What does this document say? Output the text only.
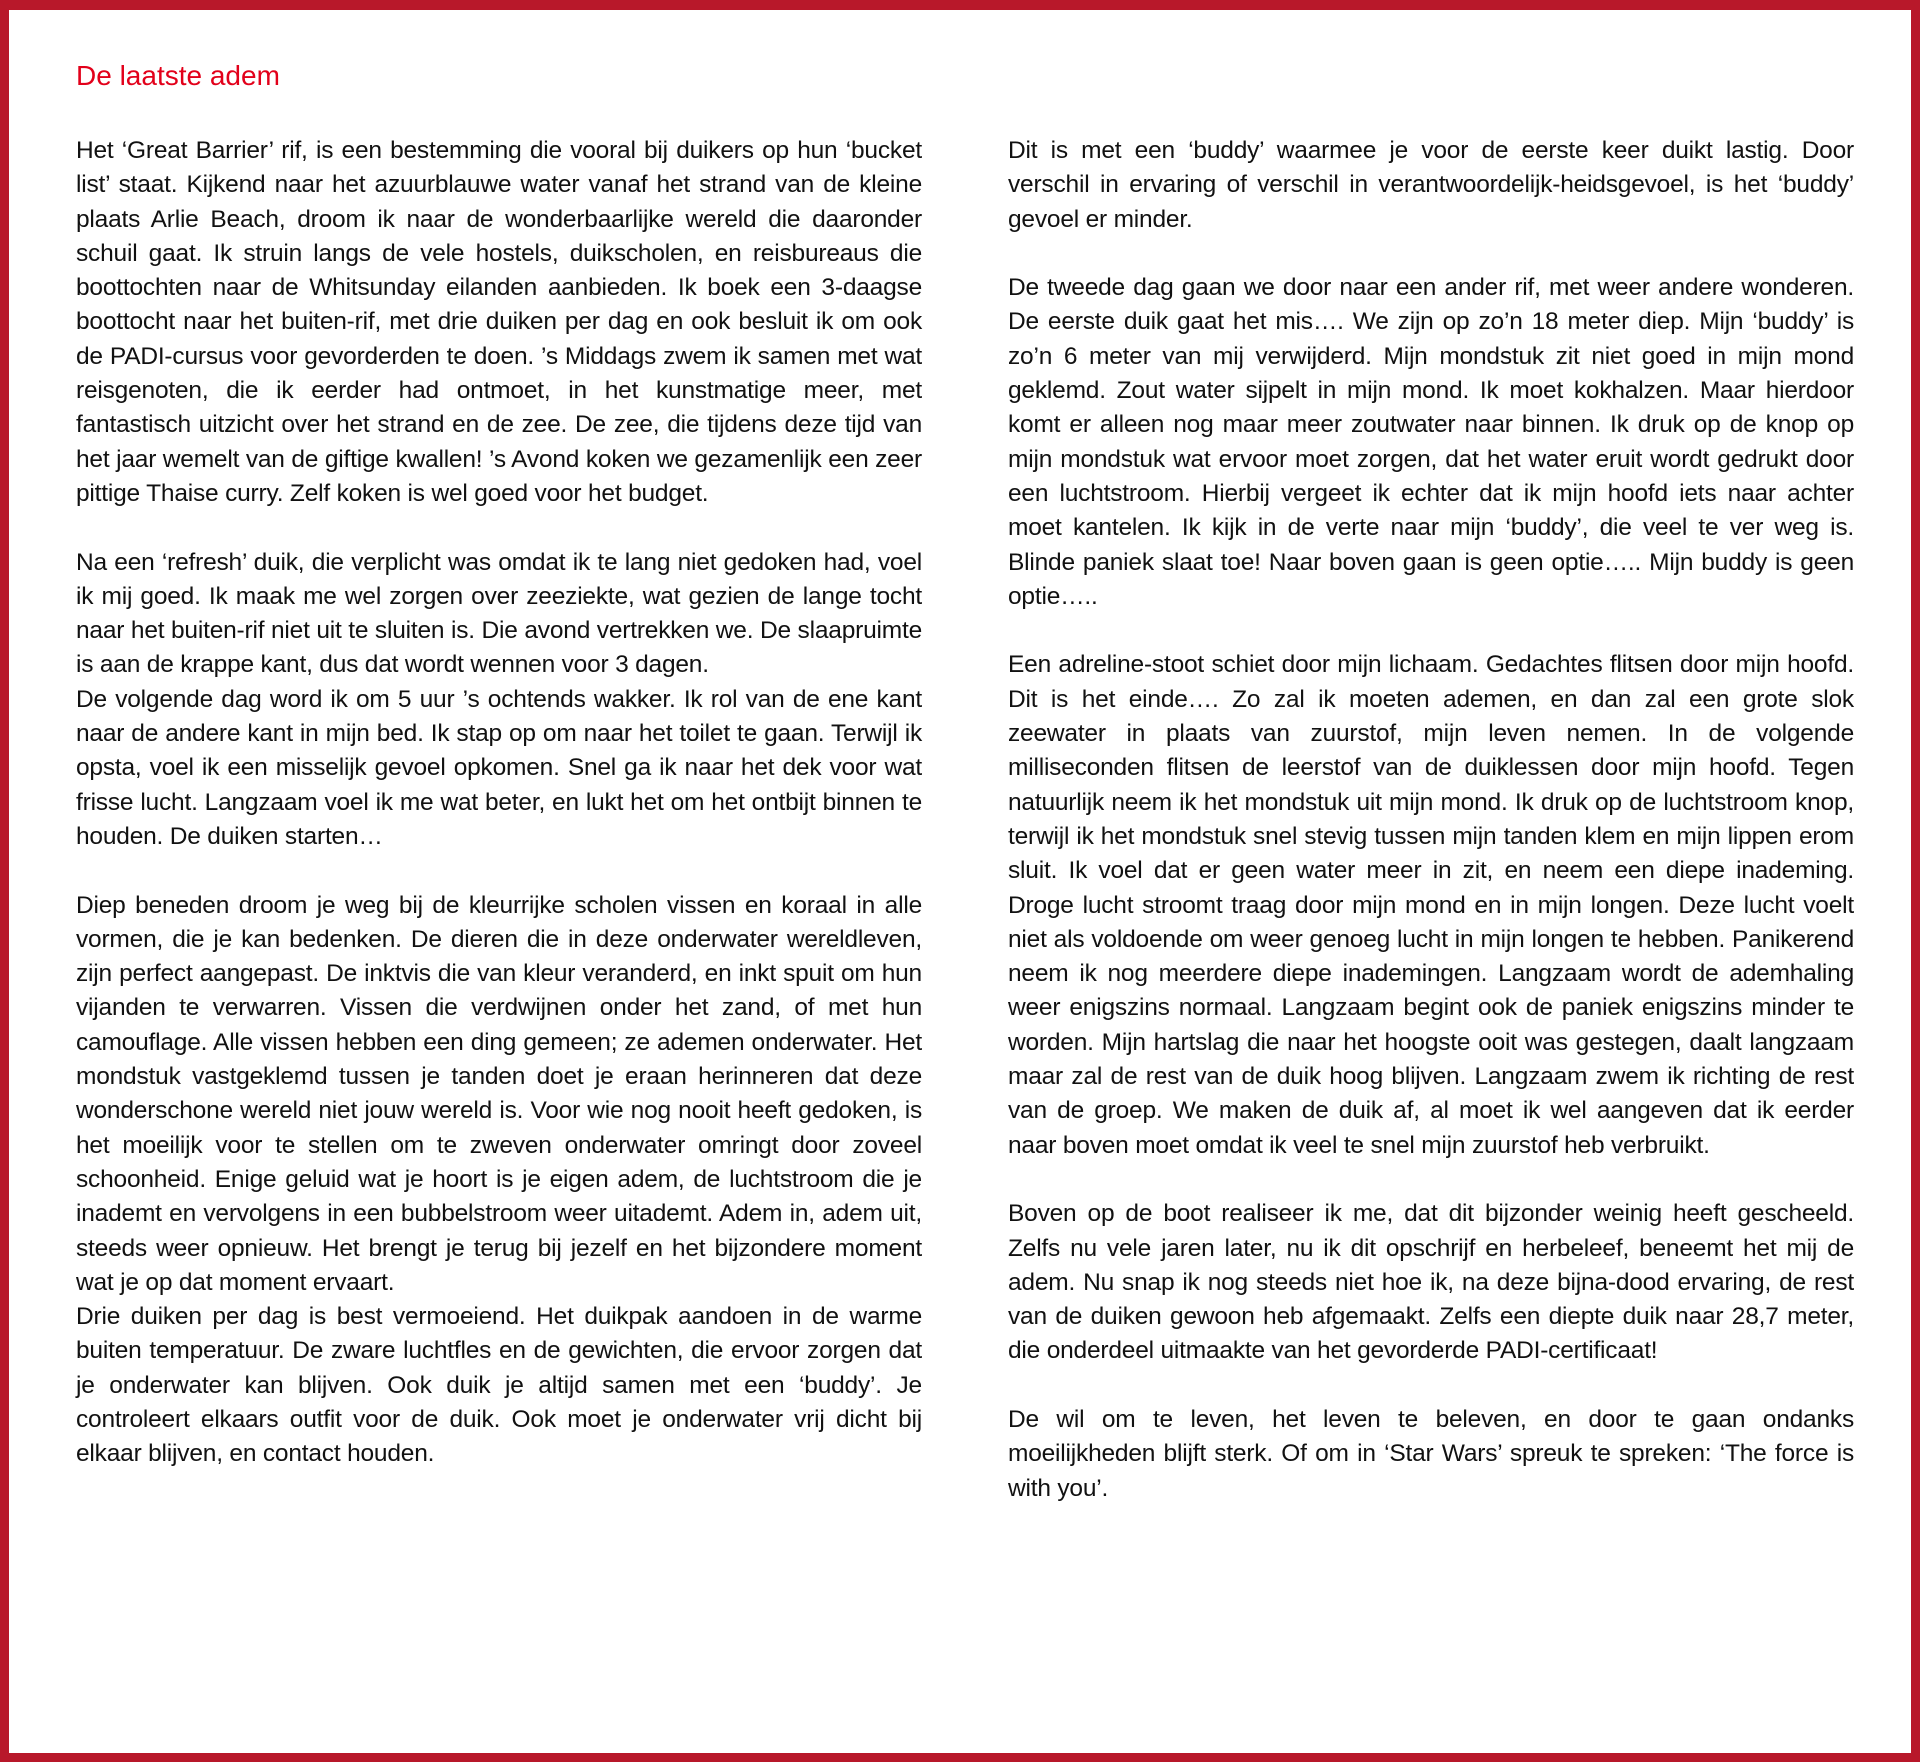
De laatste adem

Het ‘Great Barrier’ rif, is een bestemming die vooral bij duikers op hun ‘bucket list’ staat. Kijkend naar het azuurblauwe water vanaf het strand van de kleine plaats Arlie Beach, droom ik naar de wonderbaarlijke wereld die daaronder schuil gaat. Ik struin langs de vele hostels, duikscholen, en reisbureaus die boottochten naar de Whitsunday eilanden aanbieden. Ik boek een 3-daagse boottocht naar het buiten-rif, met drie duiken per dag en ook besluit ik om ook de PADI-cursus voor gevorderden te doen. ’s Middags zwem ik samen met wat reisgenoten, die ik eerder had ontmoet, in het kunstmatige meer, met fantastisch uitzicht over het strand en de zee. De zee, die tijdens deze tijd van het jaar wemelt van de giftige kwallen! ’s Avond koken we gezamenlijk een zeer pittige Thaise curry. Zelf koken is wel goed voor het budget.

Na een ‘refresh’ duik, die verplicht was omdat ik te lang niet gedoken had, voel ik mij goed. Ik maak me wel zorgen over zeeziekte, wat gezien de lange tocht naar het buiten-rif niet uit te sluiten is. Die avond vertrekken we. De slaapruimte is aan de krappe kant, dus dat wordt wennen voor 3 dagen.

De volgende dag word ik om 5 uur ’s ochtends wakker. Ik rol van de ene kant naar de andere kant in mijn bed. Ik stap op om naar het toilet te gaan. Terwijl ik opsta, voel ik een misselijk gevoel opkomen. Snel ga ik naar het dek voor wat frisse lucht. Langzaam voel ik me wat beter, en lukt het om het ontbijt binnen te houden. De duiken starten…

Diep beneden droom je weg bij de kleurrijke scholen vissen en koraal in alle vormen, die je kan bedenken. De dieren die in deze onderwater wereldleven, zijn perfect aangepast. De inktvis die van kleur veranderd, en inkt spuit om hun vijanden te verwarren. Vissen die verdwijnen onder het zand, of met hun camouflage. Alle vissen hebben een ding gemeen; ze ademen onderwater. Het mondstuk vastgeklemd tussen je tanden doet je eraan herinneren dat deze wonderschone wereld niet jouw wereld is. Voor wie nog nooit heeft gedoken, is het moeilijk voor te stellen om te zweven onderwater omringt door zoveel schoonheid. Enige geluid wat je hoort is je eigen adem, de luchtstroom die je inademt en vervolgens in een bubbelstroom weer uitademt. Adem in, adem uit, steeds weer opnieuw. Het brengt je terug bij jezelf en het bijzondere moment wat je op dat moment ervaart.

Drie duiken per dag is best vermoeiend. Het duikpak aandoen in de warme buiten temperatuur. De zware luchtfles en de gewichten, die ervoor zorgen dat je onderwater kan blijven. Ook duik je altijd samen met een ‘buddy’. Je controleert elkaars outfit voor de duik. Ook moet je onderwater vrij dicht bij elkaar blijven, en contact houden.

Dit is met een ‘buddy’ waarmee je voor de eerste keer duikt lastig. Door verschil in ervaring of verschil in verantwoordelijk-heidsgevoel, is het ‘buddy’ gevoel er minder.

De tweede dag gaan we door naar een ander rif, met weer andere wonderen. De eerste duik gaat het mis…. We zijn op zo’n 18 meter diep. Mijn ‘buddy’ is zo’n 6 meter van mij verwijderd. Mijn mondstuk zit niet goed in mijn mond geklemd. Zout water sijpelt in mijn mond. Ik moet kokhalzen. Maar hierdoor komt er alleen nog maar meer zoutwater naar binnen. Ik druk op de knop op mijn mondstuk wat ervoor moet zorgen, dat het water eruit wordt gedrukt door een luchtstroom. Hierbij vergeet ik echter dat ik mijn hoofd iets naar achter moet kantelen. Ik kijk in de verte naar mijn ‘buddy’, die veel te ver weg is. Blinde paniek slaat toe! Naar boven gaan is geen optie….. Mijn buddy is geen optie…..

Een adreline-stoot schiet door mijn lichaam. Gedachtes flitsen door mijn hoofd. Dit is het einde…. Zo zal ik moeten ademen, en dan zal een grote slok zeewater in plaats van zuurstof, mijn leven nemen. In de volgende milliseconden flitsen de leerstof van de duiklessen door mijn hoofd. Tegen natuurlijk neem ik het mondstuk uit mijn mond. Ik druk op de luchtstroom knop, terwijl ik het mondstuk snel stevig tussen mijn tanden klem en mijn lippen erom sluit. Ik voel dat er geen water meer in zit, en neem een diepe inademing. Droge lucht stroomt traag door mijn mond en in mijn longen. Deze lucht voelt niet als voldoende om weer genoeg lucht in mijn longen te hebben. Panikerend neem ik nog meerdere diepe inademingen. Langzaam wordt de ademhaling weer enigszins normaal. Langzaam begint ook de paniek enigszins minder te worden. Mijn hartslag die naar het hoogste ooit was gestegen, daalt langzaam maar zal de rest van de duik hoog blijven. Langzaam zwem ik richting de rest van de groep. We maken de duik af, al moet ik wel aangeven dat ik eerder naar boven moet omdat ik veel te snel mijn zuurstof heb verbruikt.

Boven op de boot realiseer ik me, dat dit bijzonder weinig heeft gescheeld. Zelfs nu vele jaren later, nu ik dit opschrijf en herbeleef, beneemt het mij de adem. Nu snap ik nog steeds niet hoe ik, na deze bijna-dood ervaring, de rest van de duiken gewoon heb afgemaakt. Zelfs een diepte duik naar 28,7 meter, die onderdeel uitmaakte van het gevorderde PADI-certificaat!

De wil om te leven, het leven te beleven, en door te gaan ondanks moeilijkheden blijft sterk. Of om in ‘Star Wars’ spreuk te spreken: ‘The force is with you’.
